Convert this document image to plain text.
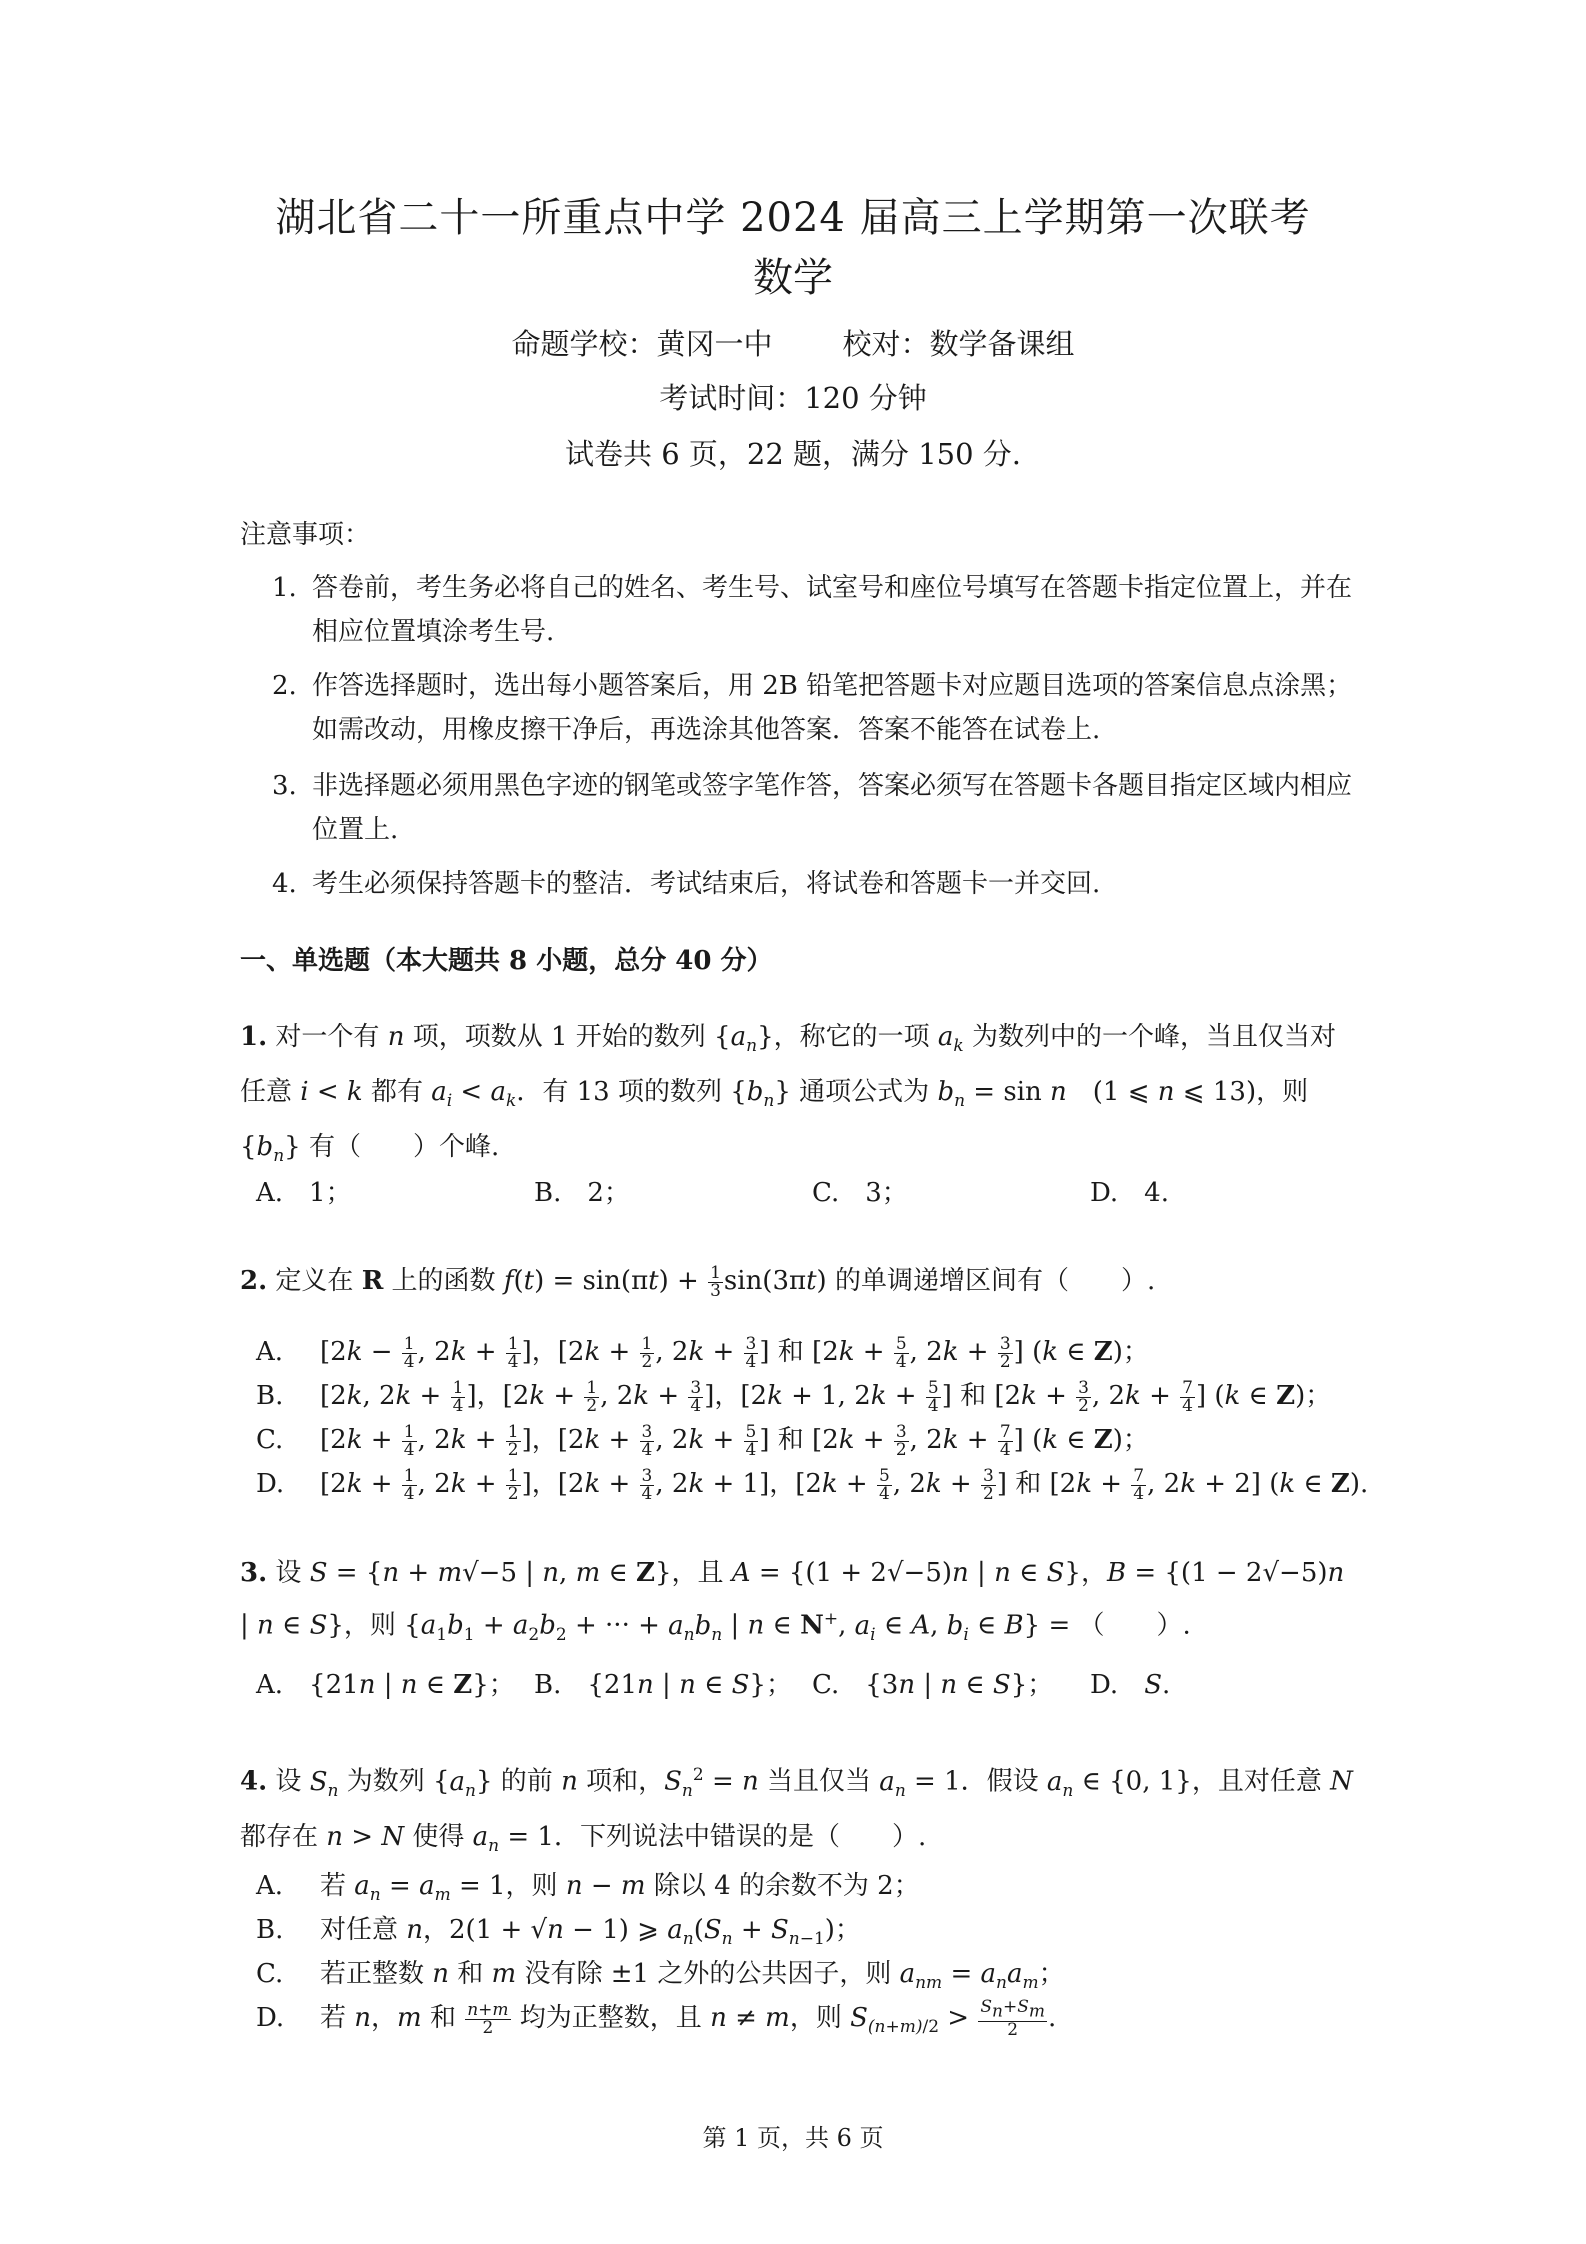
湖北省二十一所重点中学 2024 届高三上学期第一次联考
数学
命题学校：黄冈一中 校对：数学备课组
考试时间：120 分钟
试卷共 6 页，22 题，满分 150 分.
注意事项：
1. 答卷前，考生务必将自己的姓名、考生号、试室号和座位号填写在答题卡指定位置上，并在相应位置填涂考生号.
2. 作答选择题时，选出每小题答案后，用 2B 铅笔把答题卡对应题目选项的答案信息点涂黑；如需改动，用橡皮擦干净后，再选涂其他答案．答案不能答在试卷上.
3. 非选择题必须用黑色字迹的钢笔或签字笔作答，答案必须写在答题卡各题目指定区域内相应位置上.
4. 考生必须保持答题卡的整洁．考试结束后，将试卷和答题卡一并交回.
一、单选题（本大题共 8 小题，总分 40 分）
1. 对一个有 n 项，项数从 1 开始的数列 $\{a_n\}$，称它的一项 $a_k$ 为数列中的一个峰，当且仅当对任意 i < k 都有 $a_i < a_k$．有 13 项的数列 $\{b_n\}$ 通项公式为 $b_n = \sin n$　(1 ⩽ n ⩽ 13)，则 $\{b_n\}$ 有（　　）个峰.
A.　1；	B.　2；	C.　3；	D.　4.
2. 定义在 R 上的函数 $f(t) = \sin(\pi t) + \frac{1}{3} \sin(3\pi t)$ 的单调递增区间有（　　）.
A. [$2k - \frac{1}{4}$ , $2k + \frac{1}{4}$ ]，[$2k + \frac{1}{2}$ , $2k + \frac{3}{4}$ ] 和 [$2k + \frac{5}{4}$ , $2k + \frac{3}{2}$ ] (k ∈ Z)；
B. [2k, $2k + \frac{1}{4}$ ]，[$2k + \frac{1}{2}$ , $2k + \frac{3}{4}$ ]，[2k + 1, $2k + \frac{5}{4}$ ] 和 [$2k + \frac{3}{2}$ , $2k + \frac{7}{4}$ ] (k ∈ Z)；
C. [$2k + \frac{1}{4}$ , $2k + \frac{1}{2}$ ]，[$2k + \frac{3}{4}$ , $2k + \frac{5}{4}$ ] 和 [$2k + \frac{3}{2}$ , $2k + \frac{7}{4}$ ] (k ∈ Z)；
D. [$2k + \frac{1}{4}$ , $2k + \frac{1}{2}$ ]，[$2k + \frac{3}{4}$ , 2k + 1]，[$2k + \frac{5}{4}$ , $2k + \frac{3}{2}$ ] 和 [$2k + \frac{7}{4}$ , 2k + 2] (k ∈ Z).
3. 设 S = {n + m√−5 | n, m ∈ Z}，且 A = {(1 + 2√−5)n | n ∈ S}，B = {(1 − 2√−5)n | n ∈ S}，则 {$a_1b_1 + a_2b_2$ + ··· + $a_nb_n$ | n ∈ N+, $a_i$ ∈ A, $b_i$ ∈ B} = （　　）.
A.　{21n | n ∈ Z}； B.　{21n | n ∈ S}； C.　{3n | n ∈ S}； D.　 S.
4. 设 $S_n$ 为数列 $\{a_n\}$ 的前 n 项和，$S_n^2 = n$ 当且仅当 $a_n = 1$．假设 $a_n$ ∈ {0, 1}，且对任意 N 都存在 n > N 使得 $a_n = 1$．下列说法中错误的是（　　）.
A. 若 $a_n = a_m = 1$，则 n − m 除以 4 的余数不为 2；
B. 对任意 n，2(1 + √n − 1) ⩾ $a_n(S_n + S_{n-1})$；
C. 若正整数 n 和 m 没有除 ±1 之外的公共因子，则 $a_{nm} = a_na_m$；
D. 若 n，m 和 $\frac{n+m}{2}$ 均为正整数，且 n ≠ m，则 $S_{(n+m)/2} > \frac{S_n+S_m}{2}$ .
第 1 页，共 6 页
